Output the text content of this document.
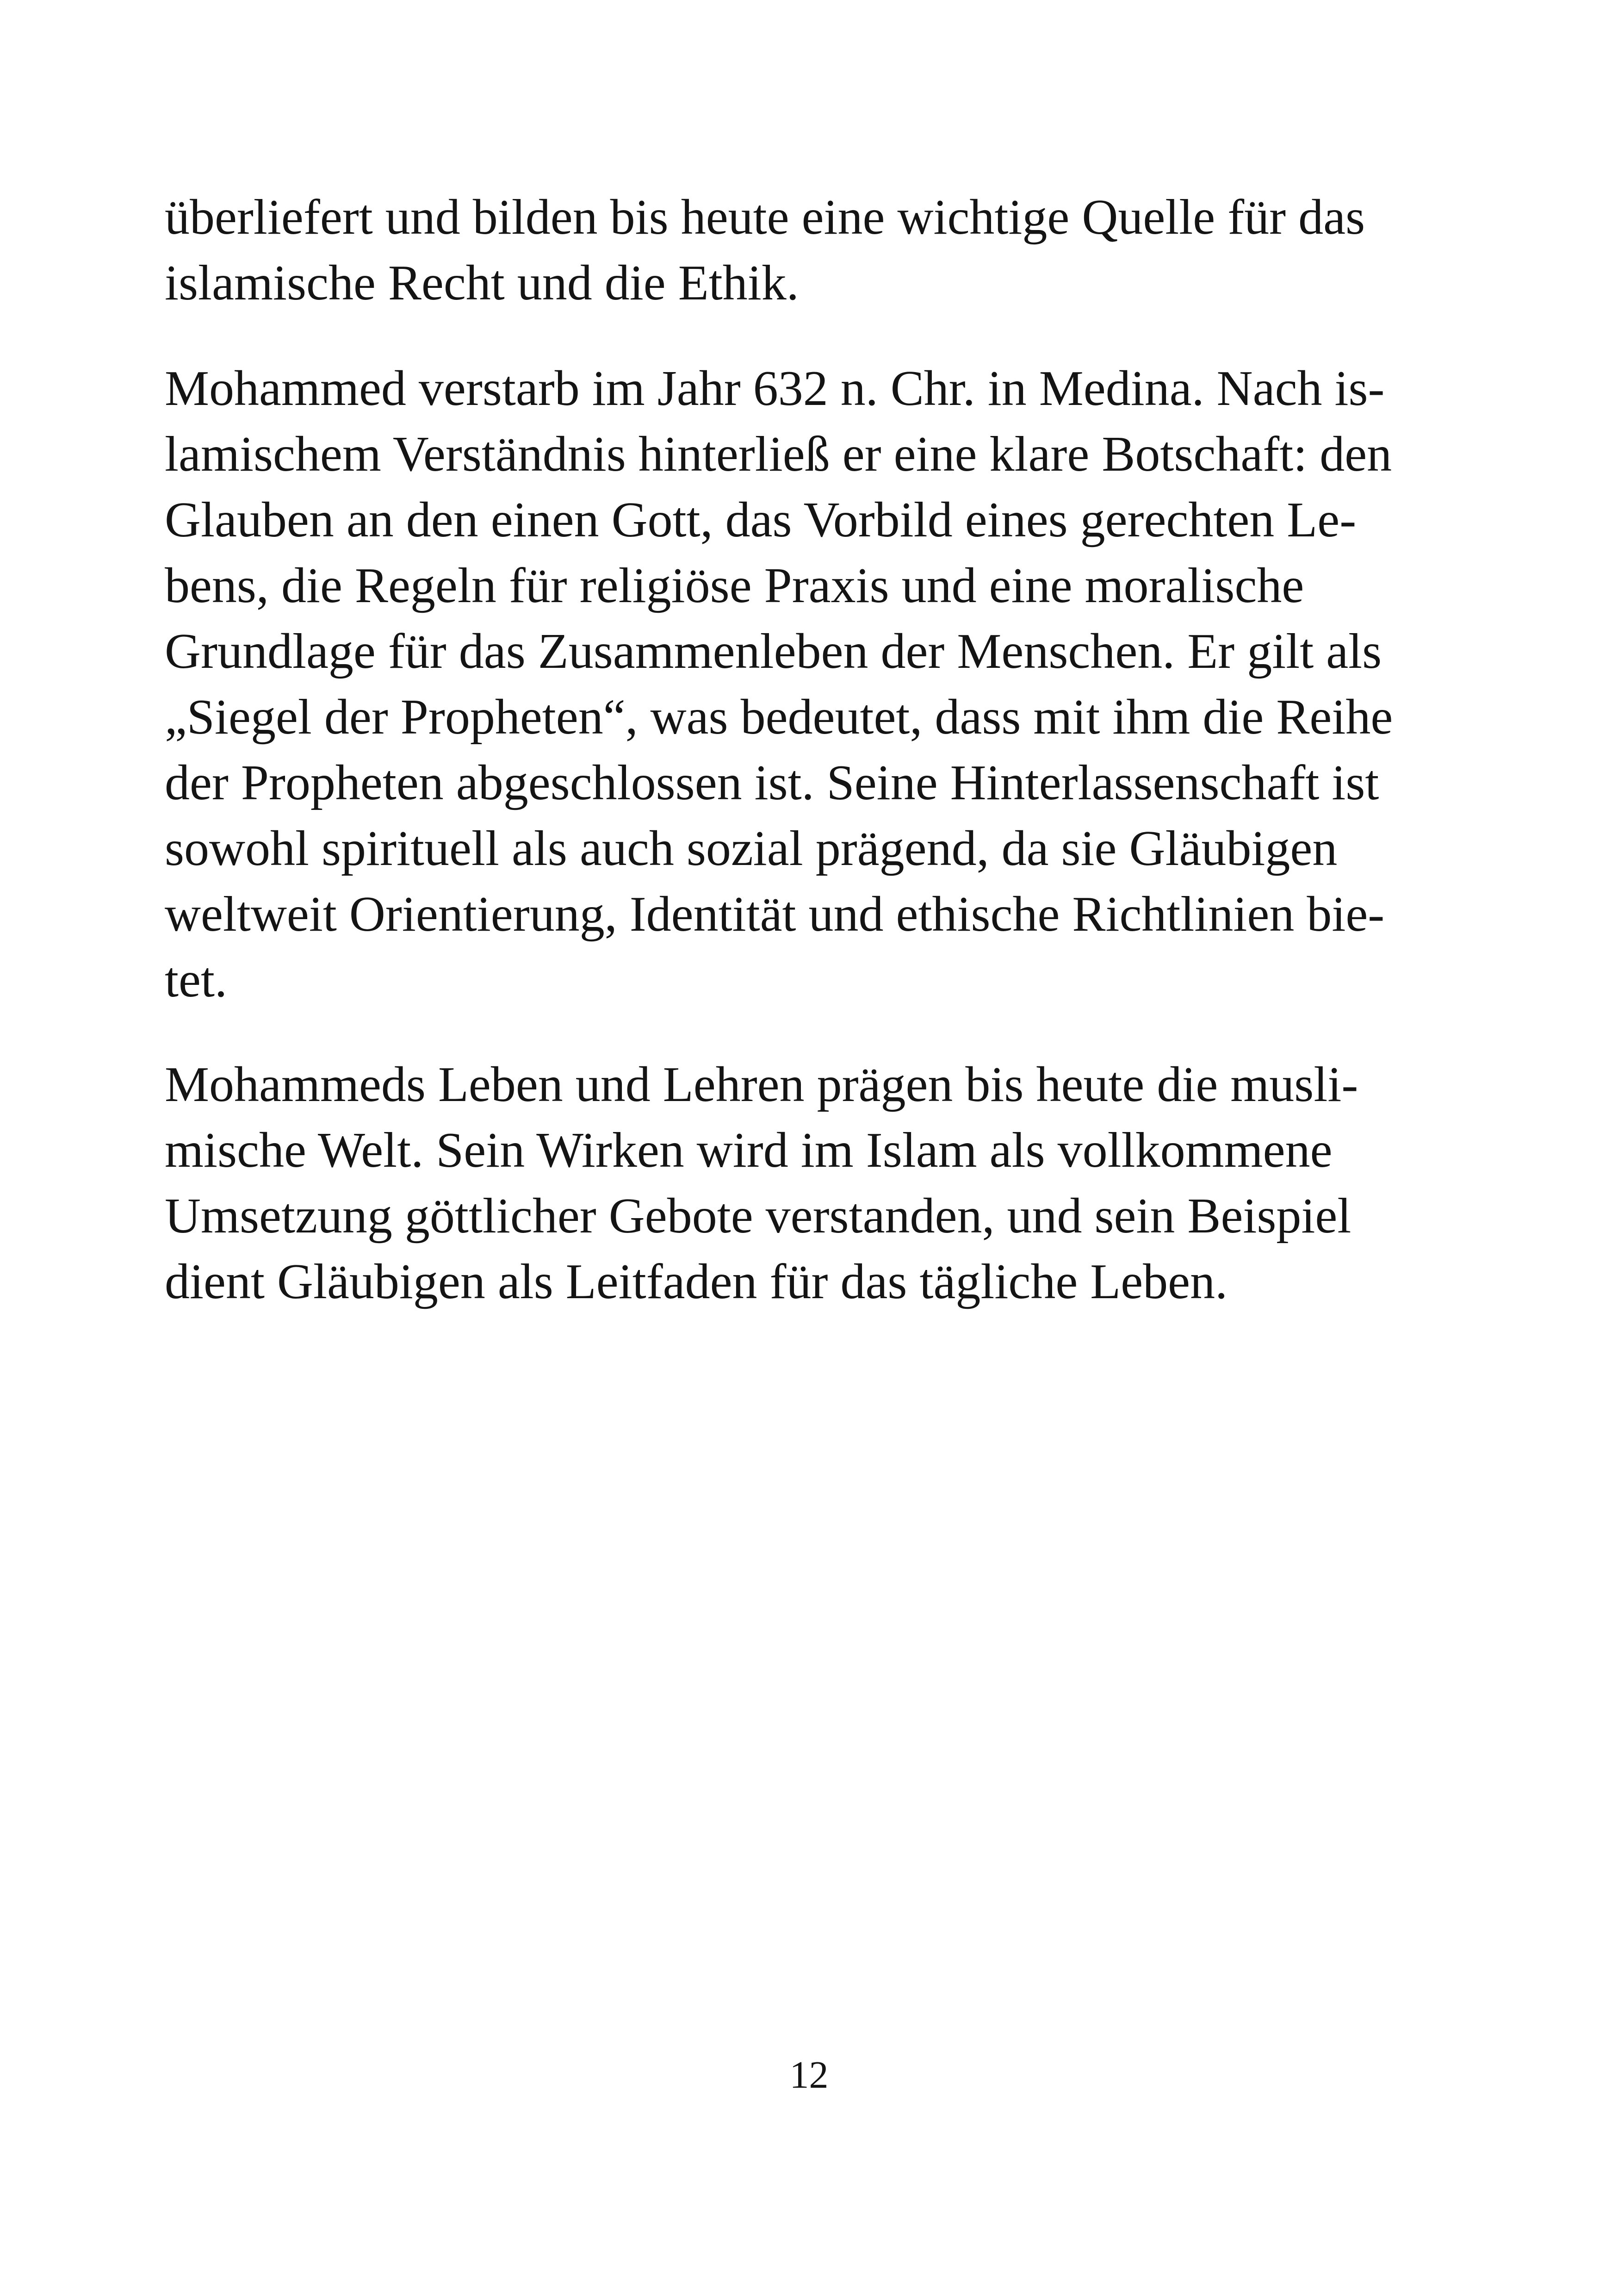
überliefert und bilden bis heute eine wichtige Quelle für das

islamische Recht und die Ethik.

Mohammed verstarb im Jahr 632 n. Chr. in Medina. Nach is-

lamischem Verständnis hinterließ er eine klare Botschaft: den

Glauben an den einen Gott, das Vorbild eines gerechten Le-

bens, die Regeln für religiöse Praxis und eine moralische

Grundlage für das Zusammenleben der Menschen. Er gilt als

„Siegel der Propheten“, was bedeutet, dass mit ihm die Reihe

der Propheten abgeschlossen ist. Seine Hinterlassenschaft ist

sowohl spirituell als auch sozial prägend, da sie Gläubigen

weltweit Orientierung, Identität und ethische Richtlinien bie-

tet.

Mohammeds Leben und Lehren prägen bis heute die musli-

mische Welt. Sein Wirken wird im Islam als vollkommene

Umsetzung göttlicher Gebote verstanden, und sein Beispiel

dient Gläubigen als Leitfaden für das tägliche Leben.

12
